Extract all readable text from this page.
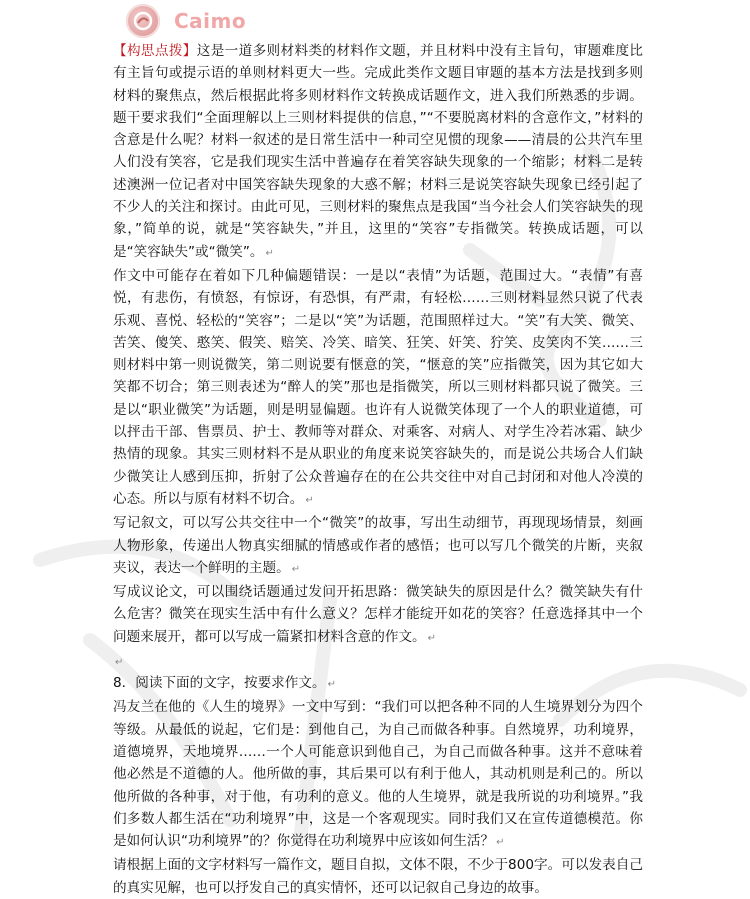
Caimo

【构思点拨】这是一道多则材料类的材料作文题，并且材料中没有主旨句，审题难度比有主旨句或提示语的单则材料更大一些。完成此类作文题目审题的基本方法是找到多则材料的聚焦点，然后根据此将多则材料作文转换成话题作文，进入我们所熟悉的步调。题干要求我们“全面理解以上三则材料提供的信息，”“不要脱离材料的含意作文，”材料的含意是什么呢？材料一叙述的是日常生活中一种司空见惯的现象——清晨的公共汽车里人们没有笑容，它是我们现实生活中普遍存在着笑容缺失现象的一个缩影；材料二是转述澳洲一位记者对中国笑容缺失现象的大惑不解；材料三是说笑容缺失现象已经引起了不少人的关注和探讨。由此可见，三则材料的聚焦点是我国“当今社会人们笑容缺失的现象，”简单的说，就是“笑容缺失，”并且，这里的“笑容”专指微笑。转换成话题，可以是“笑容缺失”或“微笑”。 ↵

作文中可能存在着如下几种偏题错误：一是以“表情”为话题，范围过大。“表情”有喜悦，有悲伤，有愤怒，有惊讶，有恐惧，有严肃，有轻松……三则材料显然只说了代表乐观、喜悦、轻松的“笑容”；二是以“笑”为话题，范围照样过大。“笑”有大笑、微笑、苦笑、傻笑、憨笑、假笑、赔笑、冷笑、暗笑、狂笑、奸笑、狞笑、皮笑肉不笑……三则材料中第一则说微笑，第二则说要有惬意的笑，“惬意的笑”应指微笑，因为其它如大笑都不切合；第三则表述为“醉人的笑”那也是指微笑，所以三则材料都只说了微笑。三是以“职业微笑”为话题，则是明显偏题。也许有人说微笑体现了一个人的职业道德，可以抨击干部、售票员、护士、教师等对群众、对乘客、对病人、对学生冷若冰霜、缺少热情的现象。其实三则材料不是从职业的角度来说笑容缺失的，而是说公共场合人们缺少微笑让人感到压抑，折射了公众普遍存在的在公共交往中对自己封闭和对他人冷漠的心态。所以与原有材料不切合。 ↵

写记叙文，可以写公共交往中一个“微笑”的故事，写出生动细节，再现现场情景，刻画人物形象，传递出人物真实细腻的情感或作者的感悟；也可以写几个微笑的片断，夹叙夹议，表达一个鲜明的主题。 ↵

写成议论文，可以围绕话题通过发问开拓思路：微笑缺失的原因是什么？微笑缺失有什么危害？微笑在现实生活中有什么意义？怎样才能绽开如花的笑容？任意选择其中一个问题来展开，都可以写成一篇紧扣材料含意的作文。 ↵

↵

8．阅读下面的文字，按要求作文。 ↵

冯友兰在他的《人生的境界》一文中写到：“我们可以把各种不同的人生境界划分为四个等级。从最低的说起，它们是：到他自己，为自己而做各种事。自然境界，功利境界，道德境界，天地境界……一个人可能意识到他自己，为自己而做各种事。这并不意味着他必然是不道德的人。他所做的事，其后果可以有利于他人，其动机则是利己的。所以他所做的各种事，对于他，有功利的意义。他的人生境界，就是我所说的功利境界。”我们多数人都生活在“功利境界”中，这是一个客观现实。同时我们又在宣传道德模范。你是如何认识“功利境界”的？你觉得在功利境界中应该如何生活？ ↵

请根据上面的文字材料写一篇作文，题目自拟，文体不限，不少于800字。可以发表自己的真实见解，也可以抒发自己的真实情怀，还可以记叙自己身边的故事。
